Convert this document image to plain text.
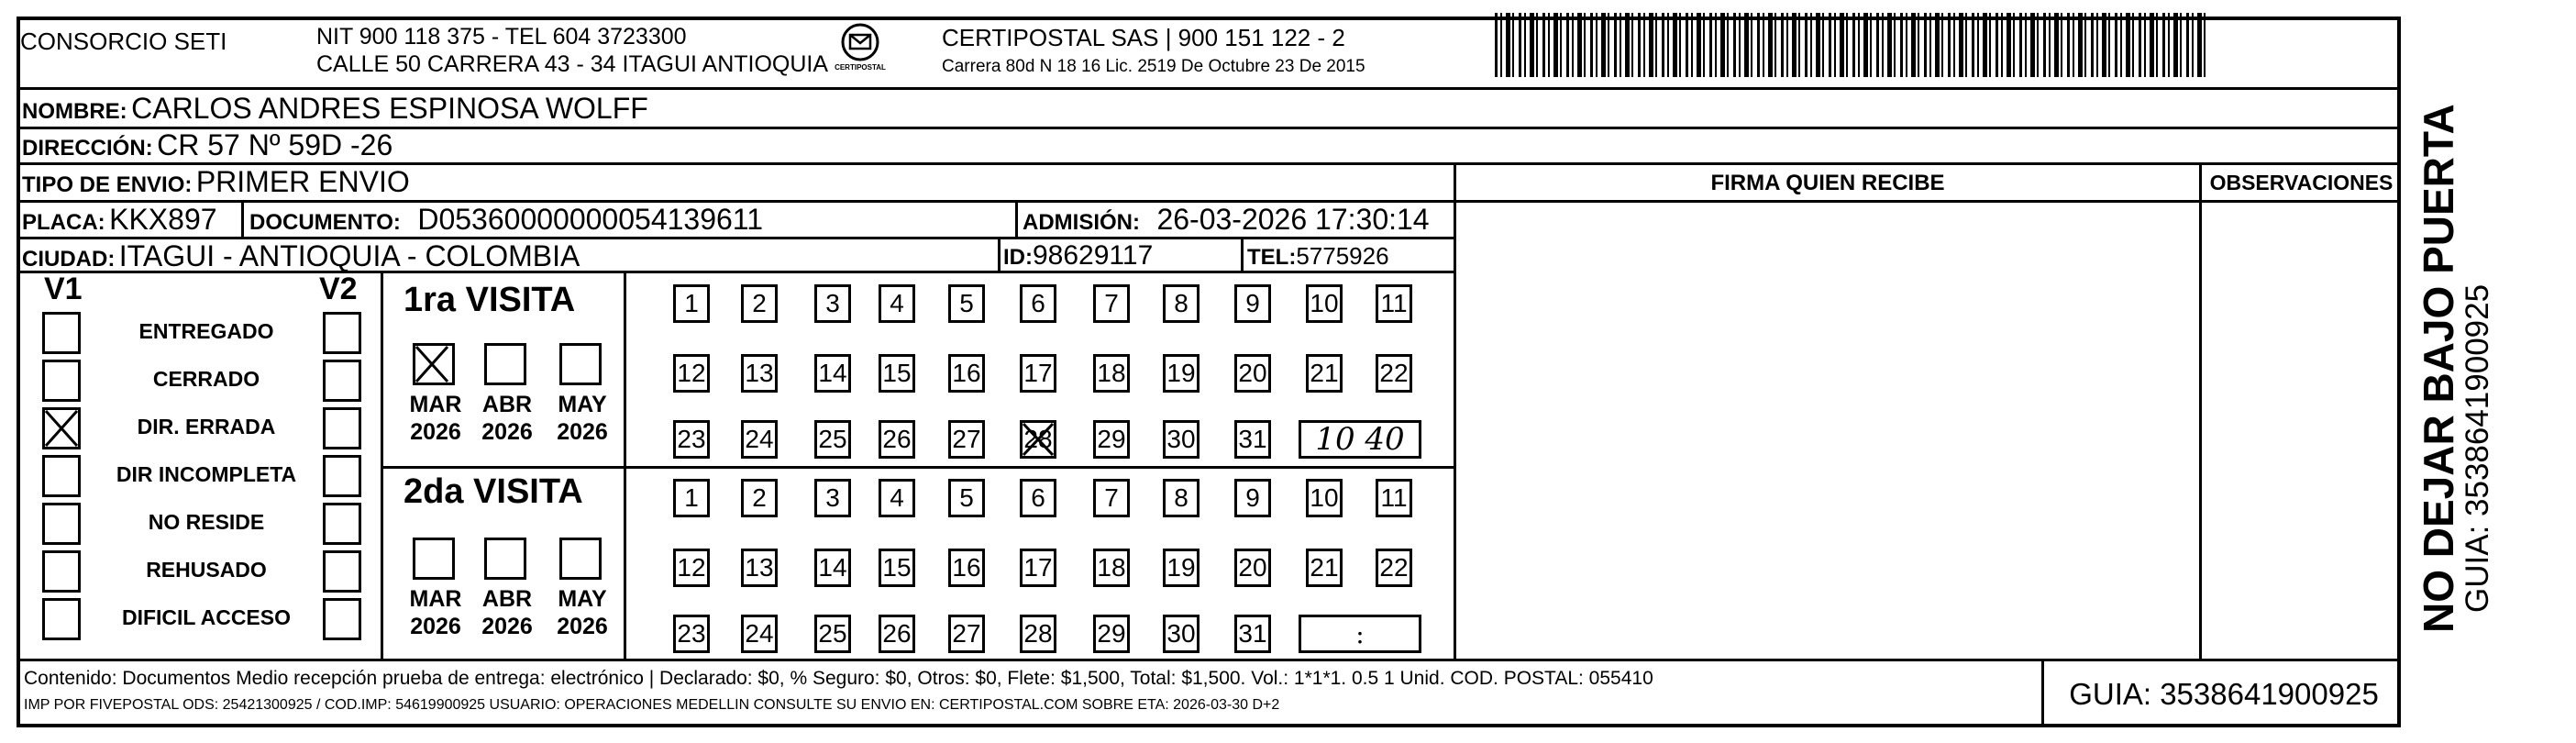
CONSORCIO SETI	NIT 900 118 375 - TEL 604 3723300
CALLE 50 CARRERA 43 - 34 ITAGUI ANTIOQUIA CERTIPOSTAL
CERTIPOSTAL SAS | 900 151 122 - 2
Carrera 80d N 18 16 Lic. 2519 De Octubre 23 De 2015
NOMBRE: CARLOS ANDRES ESPINOSA WOLFF
DIRECCIÓN: CR 57 Nº 59D -26
TIPO DE ENVIO: PRIMER ENVIO
PLACA: KKX897 DOCUMENTO: D05360000000054139611	ADMISIÓN: 26-03-2026 17:30:14
CIUDAD: ITAGUI - ANTIOQUIA - COLOMBIA	ID:98629117	TEL:5775926
FIRMA QUIEN RECIBE	OBSERVACIONES
V1	V2
ENTREGADO
CERRADO
DIR. ERRADA
DIR INCOMPLETA
NO RESIDE
REHUSADO
DIFICIL ACCESO
1ra VISITA
MAR
2026
ABR
2026
MAY
2026
1	2	3	4	5	6	7	8	9	10 11
12 13 14 15 16 17 18 19 20 21 22
23 24 25 26 27 28 29 30 31 10 40
2da VISITA
MAR
2026
ABR
2026
MAY
2026
1	2	3	4	5	6	7	8	9	10 11
12 13 14 15 16 17 18 19 20 21 22
23 24 25 26 27 28 29 30 31	:
Contenido: Documentos Medio recepción prueba de entrega: electrónico | Declarado: $0, % Seguro: $0, Otros: $0, Flete: $1,500, Total: $1,500. Vol.: 1*1*1. 0.5 1 Unid. COD. POSTAL: 055410
IMP POR FIVEPOSTAL ODS: 25421300925 / COD.IMP: 54619900925 USUARIO: OPERACIONES MEDELLIN CONSULTE SU ENVIO EN: CERTIPOSTAL.COM SOBRE ETA: 2026-03-30 D+2	GUIA: 3538641900925
NO DEJAR BAJO PUERTA
GUIA: 3538641900925
